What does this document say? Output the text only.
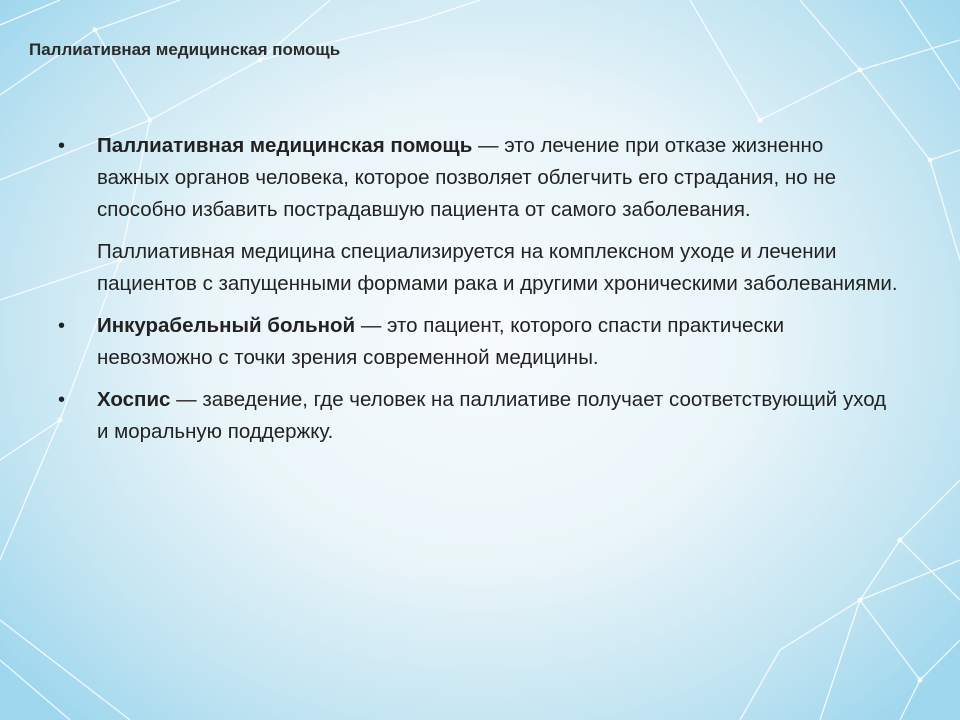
Паллиативная медицинская помощь
• Паллиативная медицинская помощь — это лечение при отказе жизненно важных органов человека, которое позволяет облегчить его страдания, но не способно избавить пострадавшую пациента от самого заболевания.
Паллиативная медицина специализируется на комплексном уходе и лечении пациентов с запущенными формами рака и другими хроническими заболеваниями.
• Инкурабельный больной — это пациент, которого спасти практически невозможно с точки зрения современной медицины.
• Хоспис — заведение, где человек на паллиативе получает соответствующий уход и моральную поддержку.
